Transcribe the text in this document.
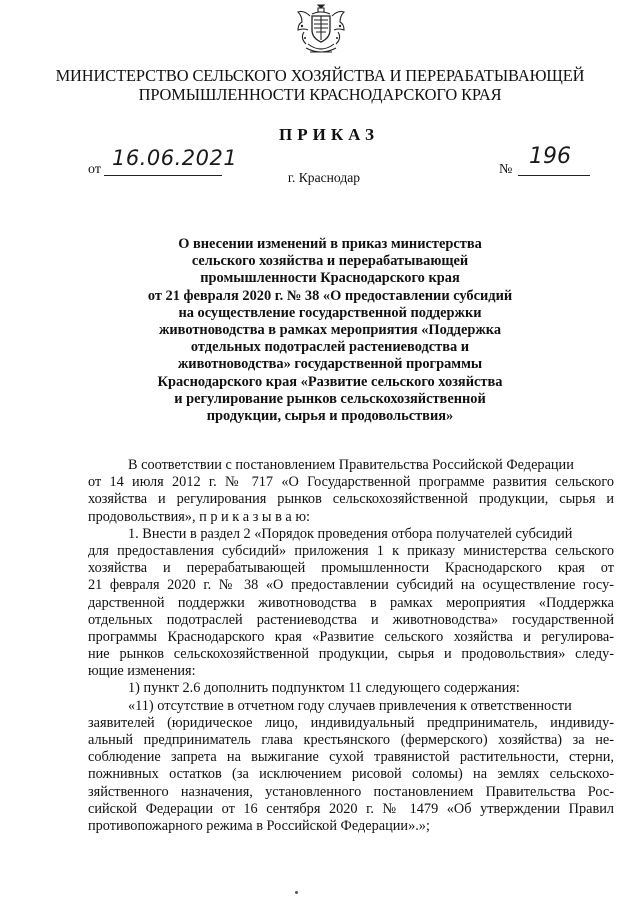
МИНИСТЕРСТВО СЕЛЬСКОГО ХОЗЯЙСТВА И ПЕРЕРАБАТЫВАЮЩЕЙ
ПРОМЫШЛЕННОСТИ КРАСНОДАРСКОГО КРАЯ
ПРИКАЗ
от 16.06.2021	№
196
г. Краснодар
О внесении изменений в приказ министерства
сельского хозяйства и перерабатывающей
промышленности Краснодарского края
от 21 февраля 2020 г. № 38 «О предоставлении субсидий
на осуществление государственной поддержки
животноводства в рамках мероприятия «Поддержка
отдельных подотраслей растениеводства и
животноводства» государственной программы
Краснодарского края «Развитие сельского хозяйства
и регулирование рынков сельскохозяйственной
продукции, сырья и продовольствия»
В соответствии с постановлением Правительства Российской Федерации
от 14 июля 2012 г. № 717 «О Государственной программе развития сельского
хозяйства и регулирования рынков сельскохозяйственной продукции, сырья и
продовольствия», п р и к а з ы в а ю:
1. Внести в раздел 2 «Порядок проведения отбора получателей субсидий
для предоставления субсидий» приложения 1 к приказу министерства сельского
хозяйства и перерабатывающей промышленности Краснодарского края от
21 февраля 2020 г. № 38 «О предоставлении субсидий на осуществление госу-
дарственной поддержки животноводства в рамках мероприятия «Поддержка
отдельных подотраслей растениеводства и животноводства» государственной
программы Краснодарского края «Развитие сельского хозяйства и регулирова-
ние рынков сельскохозяйственной продукции, сырья и продовольствия» следу-
ющие изменения:
1) пункт 2.6 дополнить подпунктом 11 следующего содержания:
«11) отсутствие в отчетном году случаев привлечения к ответственности
заявителей (юридическое лицо, индивидуальный предприниматель, индивиду-
альный предприниматель глава крестьянского (фермерского) хозяйства) за не-
соблюдение запрета на выжигание сухой травянистой растительности, стерни,
пожнивных остатков (за исключением рисовой соломы) на землях сельскохо-
зяйственного назначения, установленного постановлением Правительства Рос-
сийской Федерации от 16 сентября 2020 г. № 1479 «Об утверждении Правил
противопожарного режима в Российской Федерации».»;
